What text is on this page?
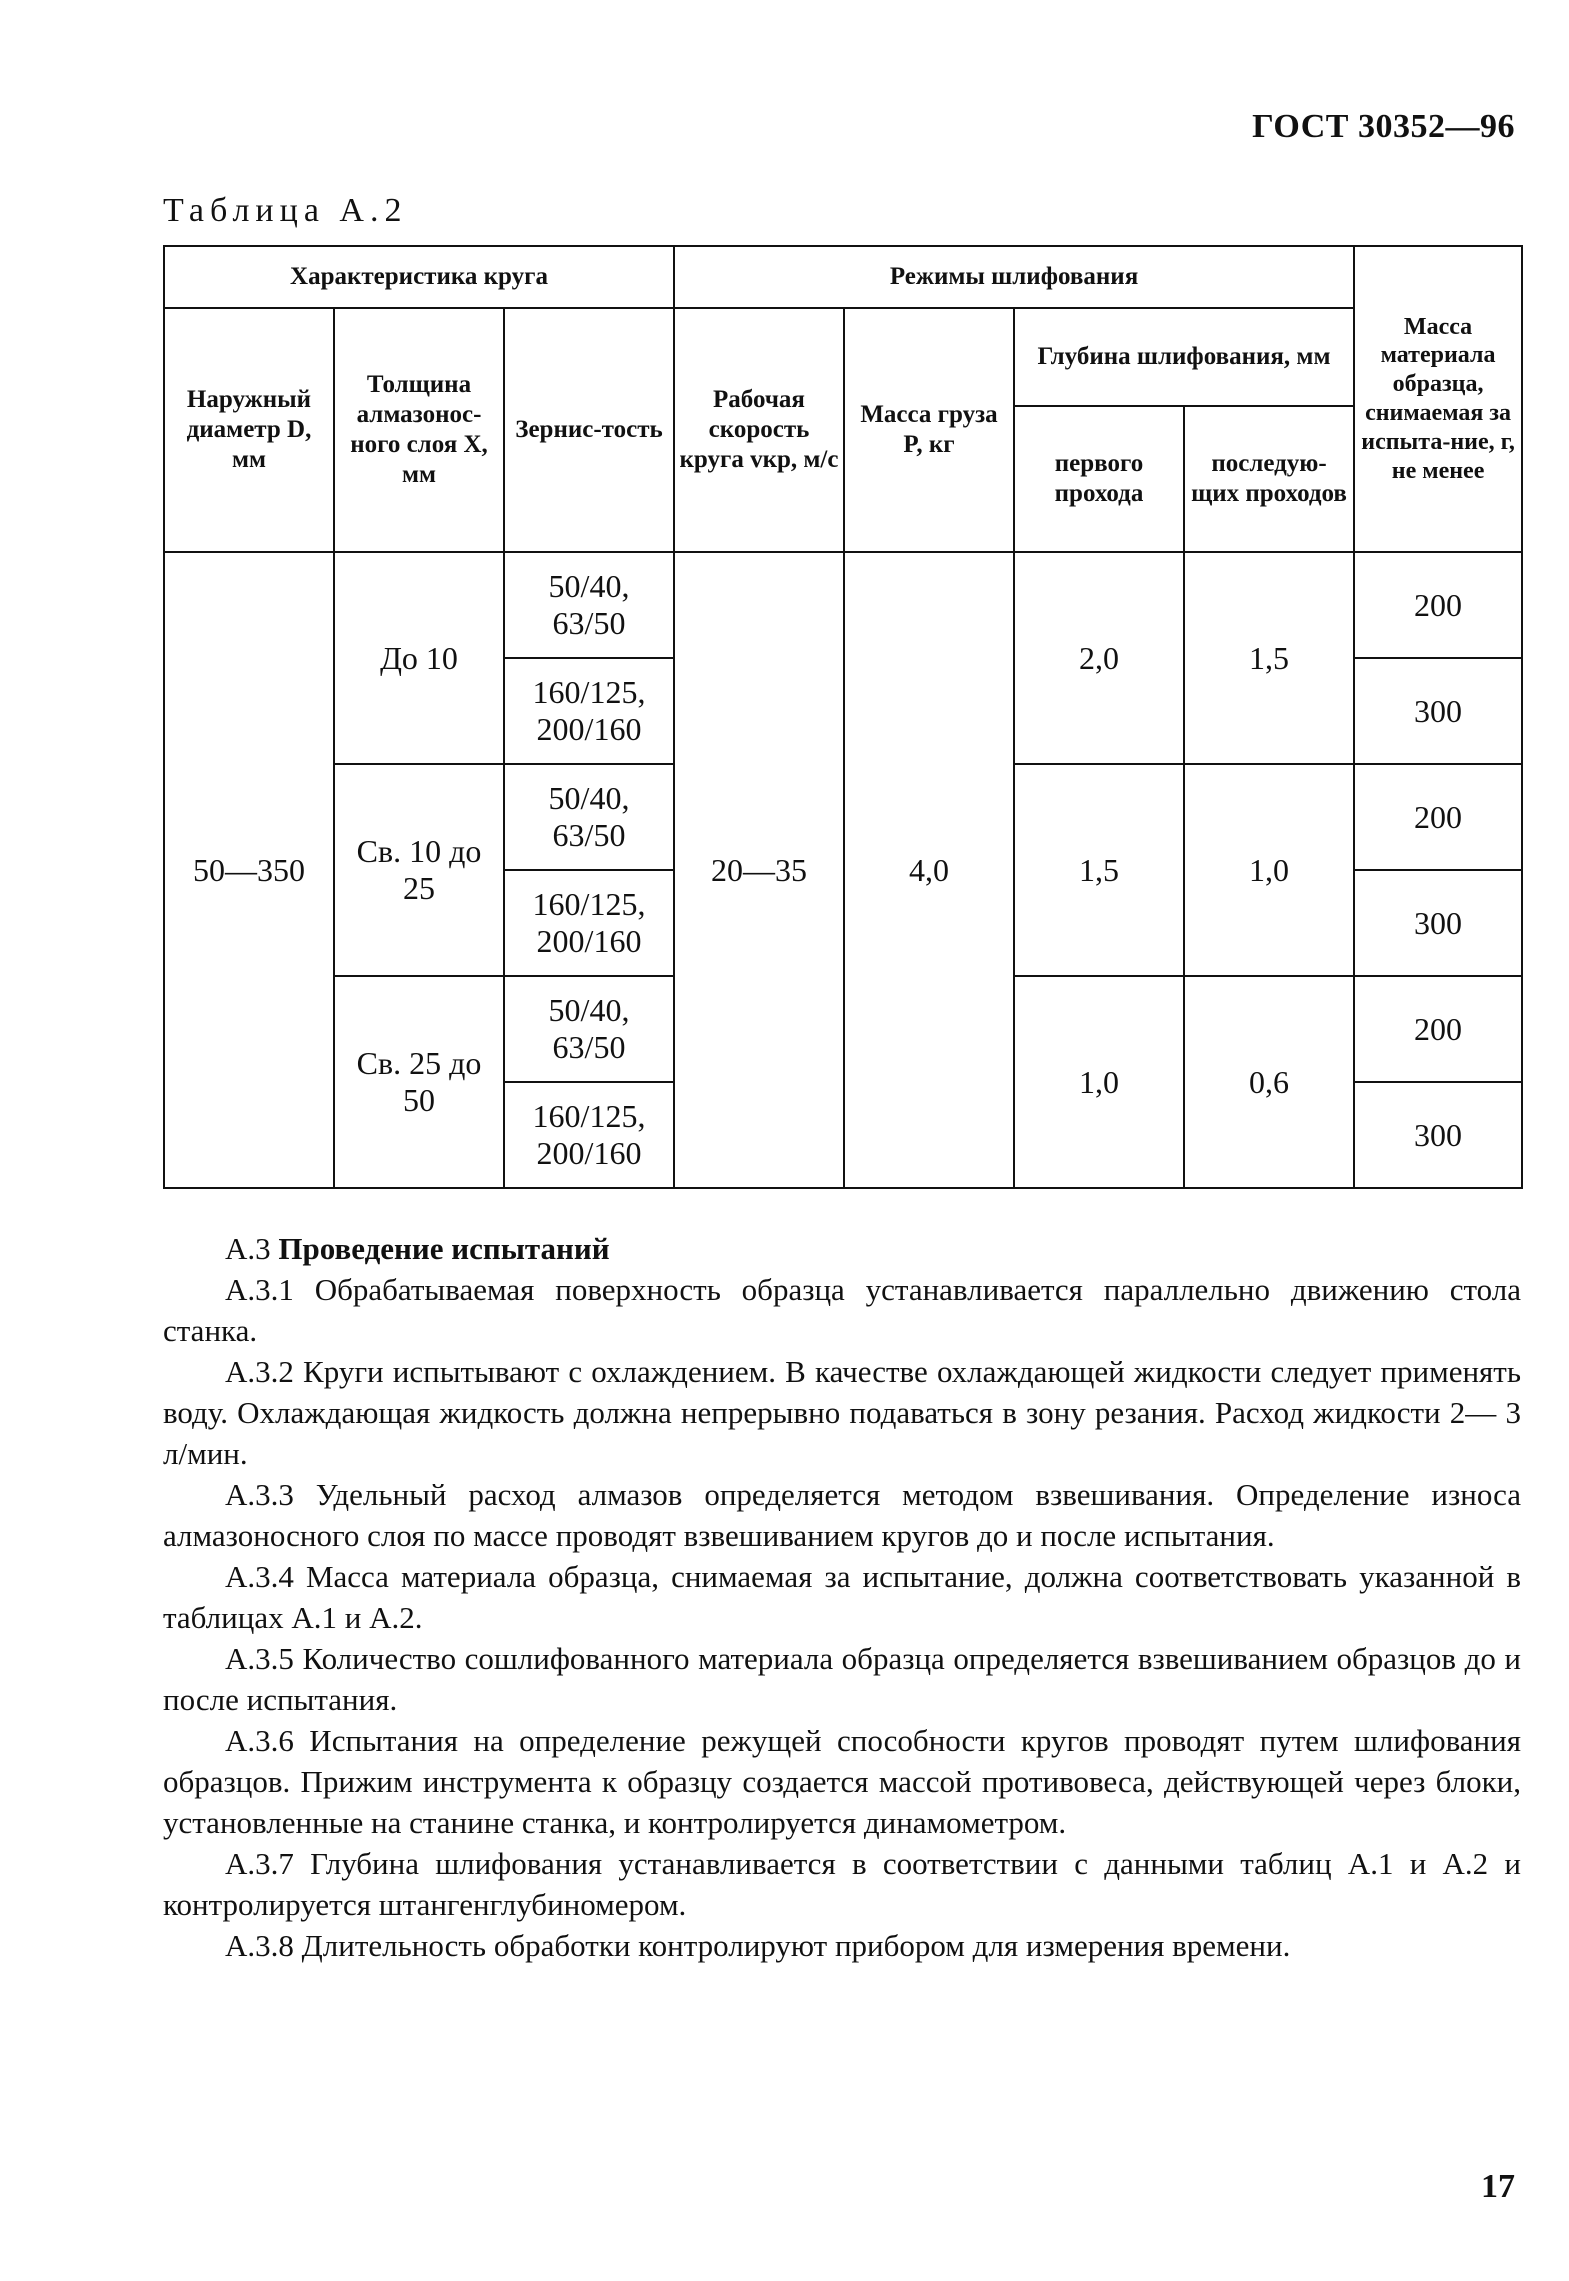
ГОСТ 30352—96
Таблица А.2
Характеристика круга			Режимы шлифования				Масса материала образца, снимаемая за испыта-ние, г, не менее
Наружный диаметр D, мм	Толщина алмазонос-ного слоя X, мм	Зернис-тость	Рабочая скорость круга vкр, м/с	Масса груза P, кг	Глубина шлифования, мм		
					первого прохода	последую-щих проходов	
50—350	До 10	50/40, 63/50	20—35	4,0	2,0	1,5	200
		160/125, 200/160					300
	Св. 10 до 25	50/40, 63/50			1,5	1,0	200
		160/125, 200/160					300
	Св. 25 до 50	50/40, 63/50			1,0	0,6	200
		160/125, 200/160					300

А.3 Проведение испытаний

А.3.1 Обрабатываемая поверхность образца устанавливается параллельно движению стола станка.

А.3.2 Круги испытывают с охлаждением. В качестве охлаждающей жидкости следует применять воду. Охлаждающая жидкость должна непрерывно подаваться в зону резания. Расход жидкости 2— 3 л/мин.

А.3.3 Удельный расход алмазов определяется методом взвешивания. Определение износа алмазоносного слоя по массе проводят взвешиванием кругов до и после испытания.

А.3.4 Масса материала образца, снимаемая за испытание, должна соответствовать указанной в таблицах А.1 и А.2.

А.3.5 Количество сошлифованного материала образца определяется взвешиванием образцов до и после испытания.

А.3.6 Испытания на определение режущей способности кругов проводят путем шлифования образцов. Прижим инструмента к образцу создается массой противовеса, действующей через блоки, установленные на станине станка, и контролируется динамометром.

А.3.7 Глубина шлифования устанавливается в соответствии с данными таблиц А.1 и А.2 и контролируется штангенглубиномером.

А.3.8 Длительность обработки контролируют прибором для измерения времени.

17
